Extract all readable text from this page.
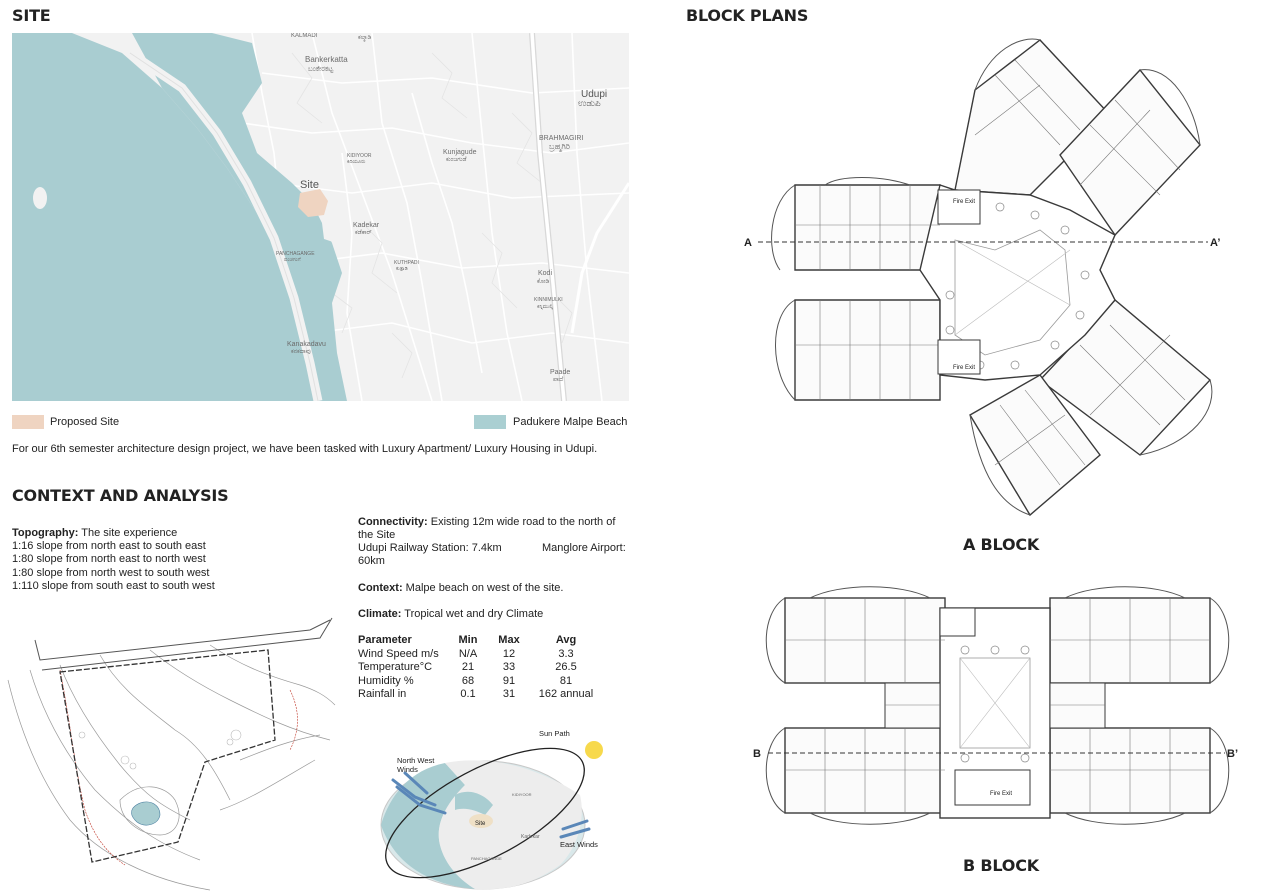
SITE
KALMADI	ಕಲ್ಮಾಡಿ
Bankerkatta
ಬಂಕೇರಕಟ್ಟ
Udupi
ಉಡುಪಿ
BRAHMAGIRI
ಬ್ರಹ್ಮಗಿರಿ
Kunjagude
ಕುಂಜಗುಡೆ
KIDIYOOR
ಕಿದಿಯೂರು
Site
Kadekar
ಕಡೆಕಾರ್
PANCHAGANGE
ಪಂಚಗಂಗೆ	KUTHPADI
ಕುತ್ಪಾಡಿ
Kodi
ಕೋಡಿ
KINNIMULKI
ಕಿನ್ನಿಮುಲ್ಕಿ
Kanakadavu
ಕನಕದಾವು
Paade
ಪಾದೆ
Proposed Site	Padukere Malpe Beach
For our 6th semester architecture design project, we have been tasked with Luxury Apartment/ Luxury Housing in Udupi.
CONTEXT AND ANALYSIS

Topography: The site experience
1:16 slope from north east to south east
1:80 slope from north east to north west
1:80 slope from north west to south west
1:110 slope from south east to south west
Connectivity: Existing 12m wide road to the north of
the Site
Udupi Railway Station: 7.4km	Manglore Airport:
60km
Context: Malpe beach on west of the site.
Climate: Tropical wet and dry Climate
Parameter	Min	Max	Avg
Wind Speed m/s	N/A	12	3.3
Temperature°C	21	33	26.5
Humidity %	68	91	81
Rainfall in	0.1	31	162 annual
Sun Path
North West
Winds
East Winds
Site
KIDIYOOR
Kadekar
PANCHAGANGE
BLOCK PLANS
Fire Exit
Fire Exit
A	A’
A BLOCK
Fire Exit
B	B’
B BLOCK
